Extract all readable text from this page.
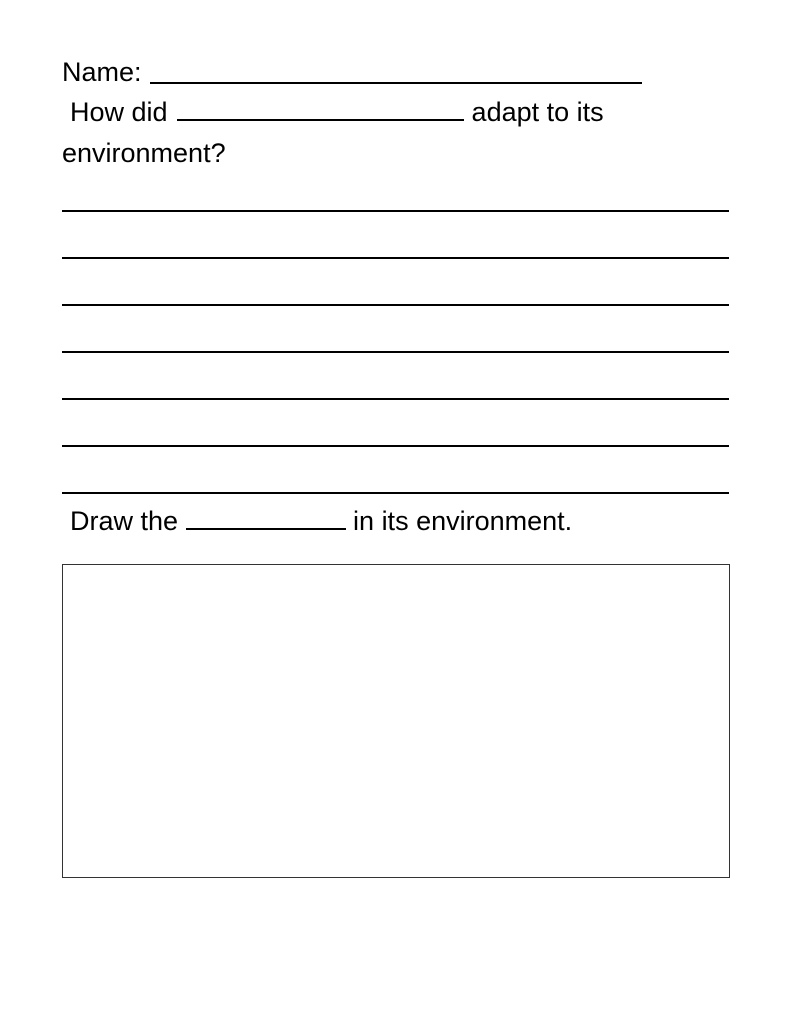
Name:
How did	adapt to its
environment?
Draw the	in its environment.
